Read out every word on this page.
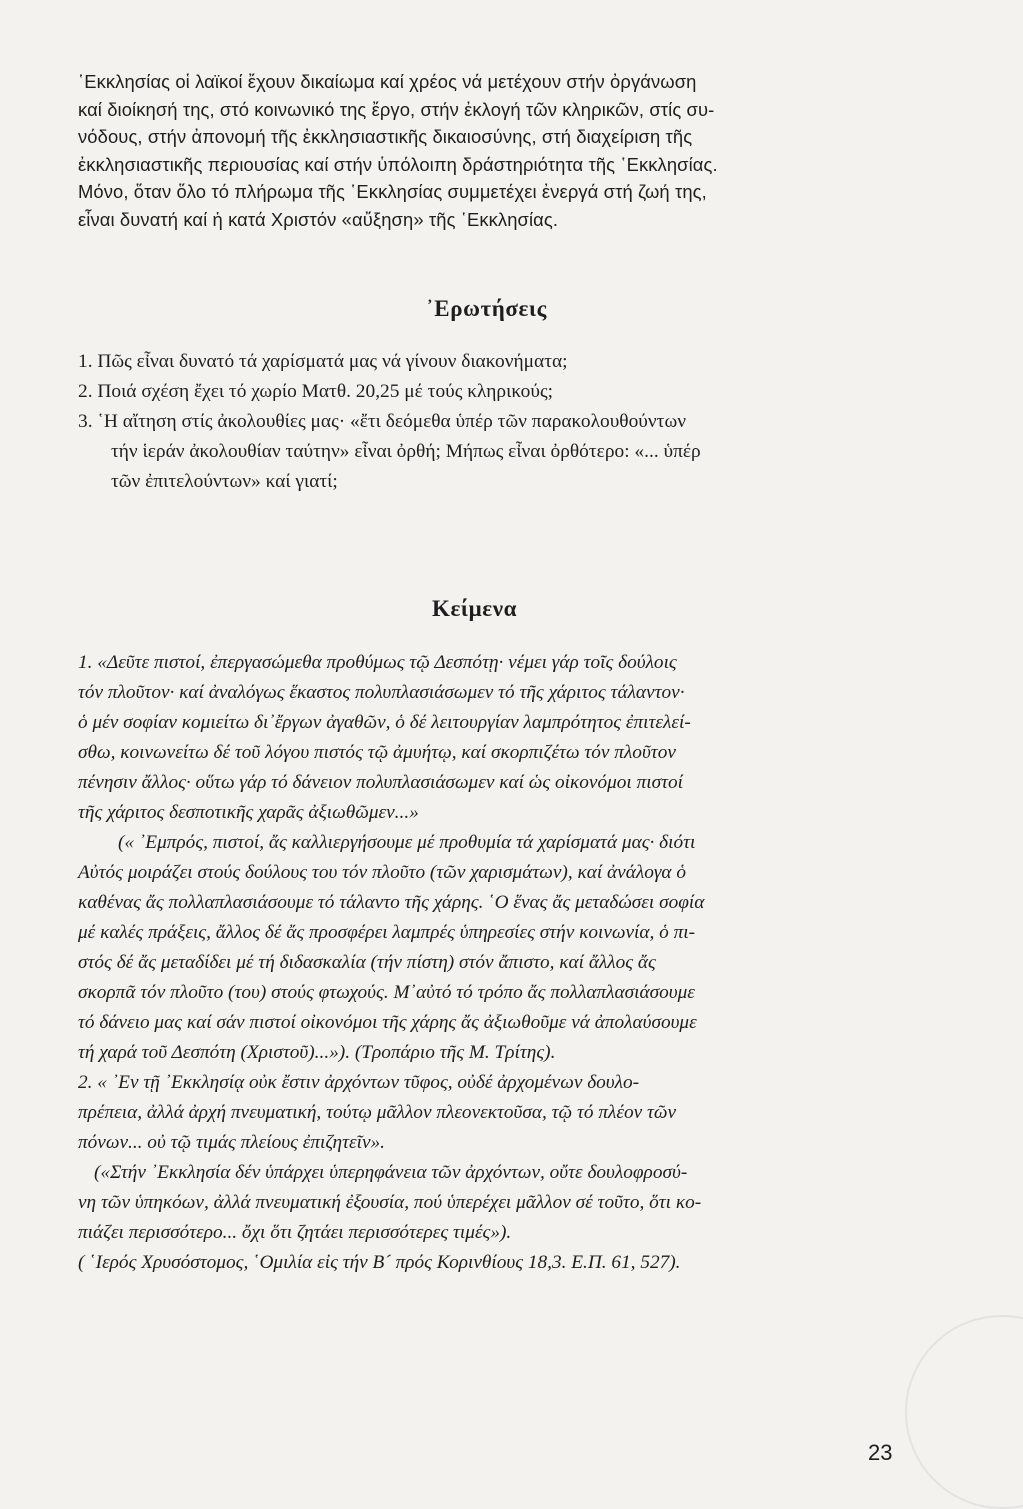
῾Εκκλησίας οἱ λαϊκοί ἔχουν δικαίωμα καί χρέος νά μετέχουν στήν ὀργάνωση
καί διοίκησή της, στό κοινωνικό της ἔργο, στήν ἐκλογή τῶν κληρικῶν, στίς συ-
νόδους, στήν ἀπονομή τῆς ἐκκλησιαστικῆς δικαιοσύνης, στή διαχείριση τῆς
ἐκκλησιαστικῆς περιουσίας καί στήν ὑπόλοιπη δράστηριότητα τῆς ῾Εκκλησίας.
Μόνο, ὅταν ὅλο τό πλήρωμα τῆς ῾Εκκλησίας συμμετέχει ἐνεργά στή ζωή της,
εἶναι δυνατή καί ἡ κατά Χριστόν «αὔξηση» τῆς ῾Εκκλησίας.
᾿Ερωτήσεις
1. Πῶς εἶναι δυνατό τά χαρίσματά μας νά γίνουν διακονήματα;
2. Ποιά σχέση ἔχει τό χωρίο Ματθ. 20,25 μέ τούς κληρικούς;
3. ῾Η αἴτηση στίς ἀκολουθίες μας· «ἔτι δεόμεθα ὑπέρ τῶν παρακολουθούντων
τήν ἱεράν ἀκολουθίαν ταύτην» εἶναι ὀρθή; Μήπως εἶναι ὀρθότερο: «... ὑπέρ
τῶν ἐπιτελούντων» καί γιατί;
Κείμενα
1. «Δεῦτε πιστοί, ἐπεργασώμεθα προθύμως τῷ Δεσπότῃ· νέμει γάρ τοῖς δούλοις
τόν πλοῦτον· καί ἀναλόγως ἕκαστος πολυπλασιάσωμεν τό τῆς χάριτος τάλαντον·
ὁ μέν σοφίαν κομιείτω δι᾿ἔργων ἀγαθῶν, ὁ δέ λειτουργίαν λαμπρότητος ἐπιτελεί-
σθω, κοινωνείτω δέ τοῦ λόγου πιστός τῷ ἀμυήτῳ, καί σκορπιζέτω τόν πλοῦτον
πένησιν ἄλλος· οὕτω γάρ τό δάνειον πολυπλασιάσωμεν καί ὡς οἰκονόμοι πιστοί
τῆς χάριτος δεσποτικῆς χαρᾶς ἀξιωθῶμεν...»
(« ᾿Εμπρός, πιστοί, ἄς καλλιεργήσουμε μέ προθυμία τά χαρίσματά μας· διότι
Αὐτός μοιράζει στούς δούλους του τόν πλοῦτο (τῶν χαρισμάτων), καί ἀνάλογα ὁ
καθένας ἄς πολλαπλασιάσουμε τό τάλαντο τῆς χάρης. ῾Ο ἕνας ἄς μεταδώσει σοφία
μέ καλές πράξεις, ἄλλος δέ ἄς προσφέρει λαμπρές ὑπηρεσίες στήν κοινωνία, ὁ πι-
στός δέ ἄς μεταδίδει μέ τή διδασκαλία (τήν πίστη) στόν ἄπιστο, καί ἄλλος ἄς
σκορπᾶ τόν πλοῦτο (του) στούς φτωχούς. Μ᾿αὐτό τό τρόπο ἄς πολλαπλασιάσουμε
τό δάνειο μας καί σάν πιστοί οἰκονόμοι τῆς χάρης ἄς ἀξιωθοῦμε νά ἀπολαύσουμε
τή χαρά τοῦ Δεσπότη (Χριστοῦ)...»). (Τροπάριο τῆς Μ. Τρίτης).
2. « ᾿Εν τῇ ᾿Εκκλησίᾳ οὐκ ἔστιν ἀρχόντων τῦφος, οὐδέ ἀρχομένων δουλο-
πρέπεια, ἀλλά ἀρχή πνευματική, τούτῳ μᾶλλον πλεονεκτοῦσα, τῷ τό πλέον τῶν
πόνων... οὐ τῷ τιμάς πλείους ἐπιζητεῖν».
(«Στήν ᾿Εκκλησία δέν ὑπάρχει ὑπερηφάνεια τῶν ἀρχόντων, οὔτε δουλοφροσύ-
νη τῶν ὑπηκόων, ἀλλά πνευματική ἐξουσία, πού ὑπερέχει μᾶλλον σέ τοῦτο, ὅτι κο-
πιάζει περισσότερο... ὄχι ὅτι ζητάει περισσότερες τιμές»).
( ῾Ιερός Χρυσόστομος, ῾Ομιλία εἰς τήν Β´ πρός Κορινθίους 18,3. Ε.Π. 61, 527).
23
